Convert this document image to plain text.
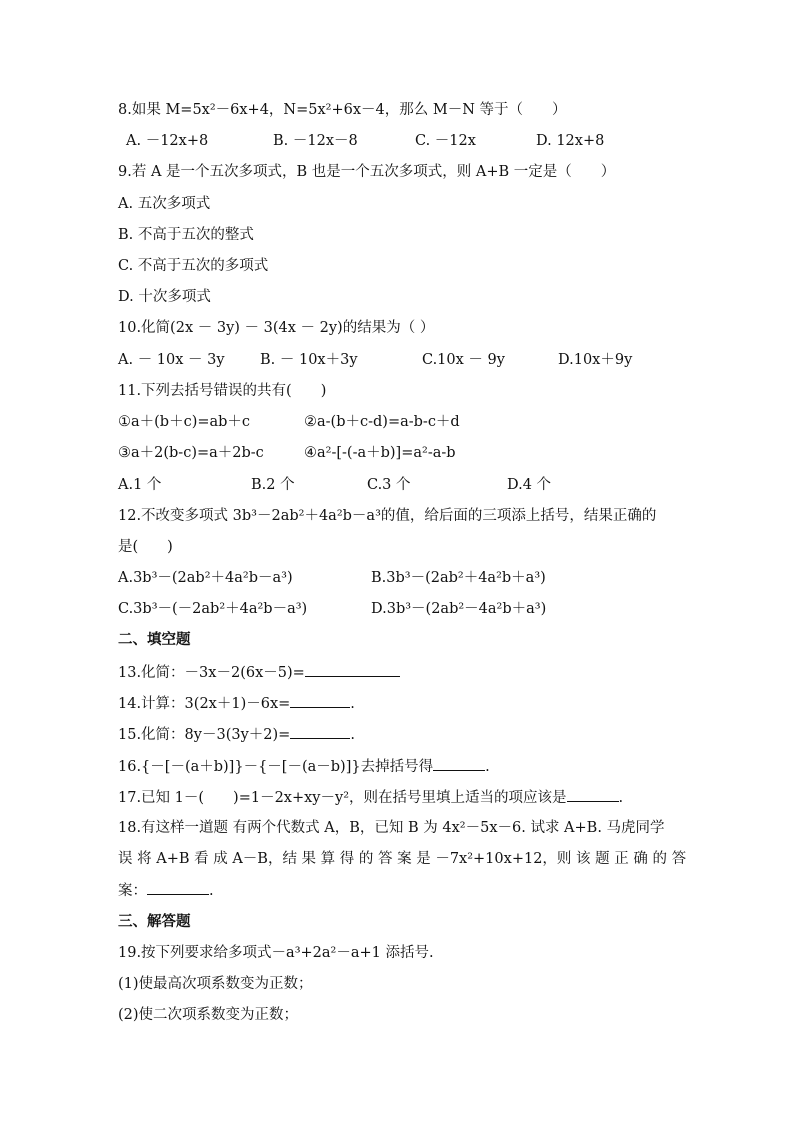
8.如果 M=5x²－6x+4，N=5x²+6x－4，那么 M－N 等于（　　）

A. －12x+8	B. －12x－8	C. －12x	D. 12x+8

9.若 A 是一个五次多项式，B 也是一个五次多项式，则 A+B 一定是（　　）

A. 五次多项式

B. 不高于五次的整式

C. 不高于五次的多项式

D. 十次多项式

10.化简(2x － 3y) － 3(4x － 2y)的结果为（ ）

A. － 10x － 3y B. － 10x＋3y	C.10x － 9y	D.10x＋9y

11.下列去括号错误的共有(　　)

①a＋(b＋c)=ab＋c	②a-(b＋c-d)=a-b-c＋d
③a＋2(b-c)=a＋2b-c	④a²-[-(-a＋b)]=a²-a-b
A.1 个	B.2 个	C.3 个	D.4 个

12.不改变多项式 3b³－2ab²＋4a²b－a³的值，给后面的三项添上括号，结果正确的

是(　　)

A.3b³－(2ab²＋4a²b－a³)	B.3b³－(2ab²＋4a²b＋a³)
C.3b³－(－2ab²＋4a²b－a³)	D.3b³－(2ab²－4a²b＋a³)

二、填空题

13.化简：－3x－2(6x－5)=

14.计算：3(2x＋1)－6x=	.

15.化简：8y－3(3y＋2)=	.

16.{－[－(a＋b)]}－{－[－(a－b)]}去掉括号得	.

17.已知 1－(　　)=1－2x+xy－y²，则在括号里填上适当的项应该是	.

18.有这样一道题 有两个代数式 A，B，已知 B 为 4x²－5x－6. 试求 A+B. 马虎同学

误 将 A+B 看 成 A－B，结 果 算 得 的 答 案 是 －7x²+10x+12，则 该 题 正 确 的 答

案：	.

三、解答题

19.按下列要求给多项式－a³+2a²－a+1 添括号.

(1)使最高次项系数变为正数；

(2)使二次项系数变为正数；
